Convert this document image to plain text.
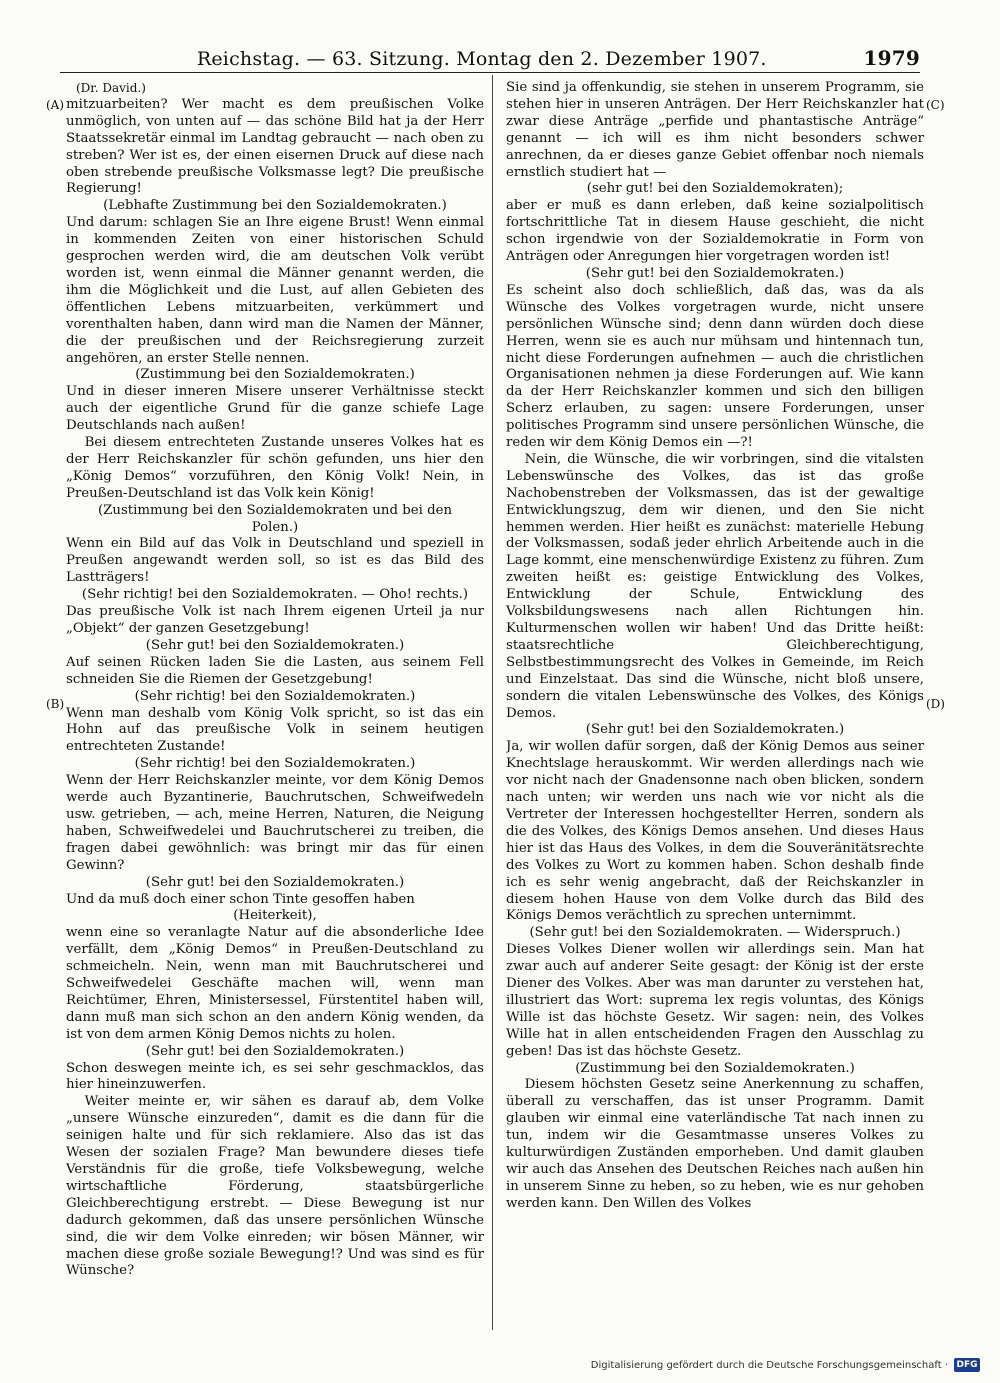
Reichstag. — 63. Sitzung. Montag den 2. Dezember 1907.	1979
(A)
(B)
(C)
(D)

(Dr. David.)

mitzuarbeiten? Wer macht es dem preußischen Volke unmöglich, von unten auf — das schöne Bild hat ja der Herr Staatssekretär einmal im Landtag gebraucht — nach oben zu streben? Wer ist es, der einen eisernen Druck auf diese nach oben strebende preußische Volksmasse legt? Die preußische Regierung!

(Lebhafte Zustimmung bei den Sozialdemokraten.)

Und darum: schlagen Sie an Ihre eigene Brust! Wenn einmal in kommenden Zeiten von einer historischen Schuld gesprochen werden wird, die am deutschen Volk verübt worden ist, wenn einmal die Männer genannt werden, die ihm die Möglichkeit und die Lust, auf allen Gebieten des öffentlichen Lebens mitzuarbeiten, verkümmert und vorenthalten haben, dann wird man die Namen der Männer, die der preußischen und der Reichsregierung zurzeit angehören, an erster Stelle nennen.

(Zustimmung bei den Sozialdemokraten.)

Und in dieser inneren Misere unserer Verhältnisse steckt auch der eigentliche Grund für die ganze schiefe Lage Deutschlands nach außen!

Bei diesem entrechteten Zustande unseres Volkes hat es der Herr Reichskanzler für schön gefunden, uns hier den „König Demos“ vorzuführen, den König Volk! Nein, in Preußen-Deutschland ist das Volk kein König!

(Zustimmung bei den Sozialdemokraten und bei den Polen.)

Wenn ein Bild auf das Volk in Deutschland und speziell in Preußen angewandt werden soll, so ist es das Bild des Lastträgers!

(Sehr richtig! bei den Sozialdemokraten. — Oho! rechts.)

Das preußische Volk ist nach Ihrem eigenen Urteil ja nur „Objekt“ der ganzen Gesetzgebung!

(Sehr gut! bei den Sozialdemokraten.)

Auf seinen Rücken laden Sie die Lasten, aus seinem Fell schneiden Sie die Riemen der Gesetzgebung!

(Sehr richtig! bei den Sozialdemokraten.)

Wenn man deshalb vom König Volk spricht, so ist das ein Hohn auf das preußische Volk in seinem heutigen entrechteten Zustande!

(Sehr richtig! bei den Sozialdemokraten.)

Wenn der Herr Reichskanzler meinte, vor dem König Demos werde auch Byzantinerie, Bauchrutschen, Schweifwedeln usw. getrieben, — ach, meine Herren, Naturen, die Neigung haben, Schweifwedelei und Bauchrutscherei zu treiben, die fragen dabei gewöhnlich: was bringt mir das für einen Gewinn?

(Sehr gut! bei den Sozialdemokraten.)

Und da muß doch einer schon Tinte gesoffen haben

(Heiterkeit),

wenn eine so veranlagte Natur auf die absonderliche Idee verfällt, dem „König Demos“ in Preußen-Deutschland zu schmeicheln. Nein, wenn man mit Bauchrutscherei und Schweifwedelei Geschäfte machen will, wenn man Reichtümer, Ehren, Ministersessel, Fürstentitel haben will, dann muß man sich schon an den andern König wenden, da ist von dem armen König Demos nichts zu holen.

(Sehr gut! bei den Sozialdemokraten.)

Schon deswegen meinte ich, es sei sehr geschmacklos, das hier hineinzuwerfen.

Weiter meinte er, wir sähen es darauf ab, dem Volke „unsere Wünsche einzureden“, damit es die dann für die seinigen halte und für sich reklamiere. Also das ist das Wesen der sozialen Frage? Man bewundere dieses tiefe Verständnis für die große, tiefe Volksbewegung, welche wirtschaftliche Förderung, staatsbürgerliche Gleichberechtigung erstrebt. — Diese Bewegung ist nur dadurch gekommen, daß das unsere persönlichen Wünsche sind, die wir dem Volke einreden; wir bösen Männer, wir machen diese große soziale Bewegung!? Und was sind es für Wünsche?

Sie sind ja offenkundig, sie stehen in unserem Programm, sie stehen hier in unseren Anträgen. Der Herr Reichskanzler hat zwar diese Anträge „perfide und phantastische Anträge“ genannt — ich will es ihm nicht besonders schwer anrechnen, da er dieses ganze Gebiet offenbar noch niemals ernstlich studiert hat —

(sehr gut! bei den Sozialdemokraten);

aber er muß es dann erleben, daß keine sozialpolitisch fortschrittliche Tat in diesem Hause geschieht, die nicht schon irgendwie von der Sozialdemokratie in Form von Anträgen oder Anregungen hier vorgetragen worden ist!

(Sehr gut! bei den Sozialdemokraten.)

Es scheint also doch schließlich, daß das, was da als Wünsche des Volkes vorgetragen wurde, nicht unsere persönlichen Wünsche sind; denn dann würden doch diese Herren, wenn sie es auch nur mühsam und hintennach tun, nicht diese Forderungen aufnehmen — auch die christlichen Organisationen nehmen ja diese Forderungen auf. Wie kann da der Herr Reichskanzler kommen und sich den billigen Scherz erlauben, zu sagen: unsere Forderungen, unser politisches Programm sind unsere persönlichen Wünsche, die reden wir dem König Demos ein —?!

Nein, die Wünsche, die wir vorbringen, sind die vitalsten Lebenswünsche des Volkes, das ist das große Nachobenstreben der Volksmassen, das ist der gewaltige Entwicklungszug, dem wir dienen, und den Sie nicht hemmen werden. Hier heißt es zunächst: materielle Hebung der Volksmassen, sodaß jeder ehrlich Arbeitende auch in die Lage kommt, eine menschenwürdige Existenz zu führen. Zum zweiten heißt es: geistige Entwicklung des Volkes, Entwicklung der Schule, Entwicklung des Volksbildungswesens nach allen Richtungen hin. Kulturmenschen wollen wir haben! Und das Dritte heißt: staatsrechtliche Gleichberechtigung, Selbstbestimmungsrecht des Volkes in Gemeinde, im Reich und Einzelstaat. Das sind die Wünsche, nicht bloß unsere, sondern die vitalen Lebenswünsche des Volkes, des Königs Demos.

(Sehr gut! bei den Sozialdemokraten.)

Ja, wir wollen dafür sorgen, daß der König Demos aus seiner Knechtslage herauskommt. Wir werden allerdings nach wie vor nicht nach der Gnadensonne nach oben blicken, sondern nach unten; wir werden uns nach wie vor nicht als die Vertreter der Interessen hochgestellter Herren, sondern als die des Volkes, des Königs Demos ansehen. Und dieses Haus hier ist das Haus des Volkes, in dem die Souveränitätsrechte des Volkes zu Wort zu kommen haben. Schon deshalb finde ich es sehr wenig angebracht, daß der Reichskanzler in diesem hohen Hause von dem Volke durch das Bild des Königs Demos verächtlich zu sprechen unternimmt.

(Sehr gut! bei den Sozialdemokraten. — Widerspruch.)

Dieses Volkes Diener wollen wir allerdings sein. Man hat zwar auch auf anderer Seite gesagt: der König ist der erste Diener des Volkes. Aber was man darunter zu verstehen hat, illustriert das Wort: suprema lex regis voluntas, des Königs Wille ist das höchste Gesetz. Wir sagen: nein, des Volkes Wille hat in allen entscheidenden Fragen den Ausschlag zu geben! Das ist das höchste Gesetz.

(Zustimmung bei den Sozialdemokraten.)

Diesem höchsten Gesetz seine Anerkennung zu schaffen, überall zu verschaffen, das ist unser Programm. Damit glauben wir einmal eine vaterländische Tat nach innen zu tun, indem wir die Gesamtmasse unseres Volkes zu kulturwürdigen Zuständen emporheben. Und damit glauben wir auch das Ansehen des Deutschen Reiches nach außen hin in unserem Sinne zu heben, so zu heben, wie es nur gehoben werden kann. Den Willen des Volkes

Digitalisierung gefördert durch die Deutsche Forschungsgemeinschaft · DFG
